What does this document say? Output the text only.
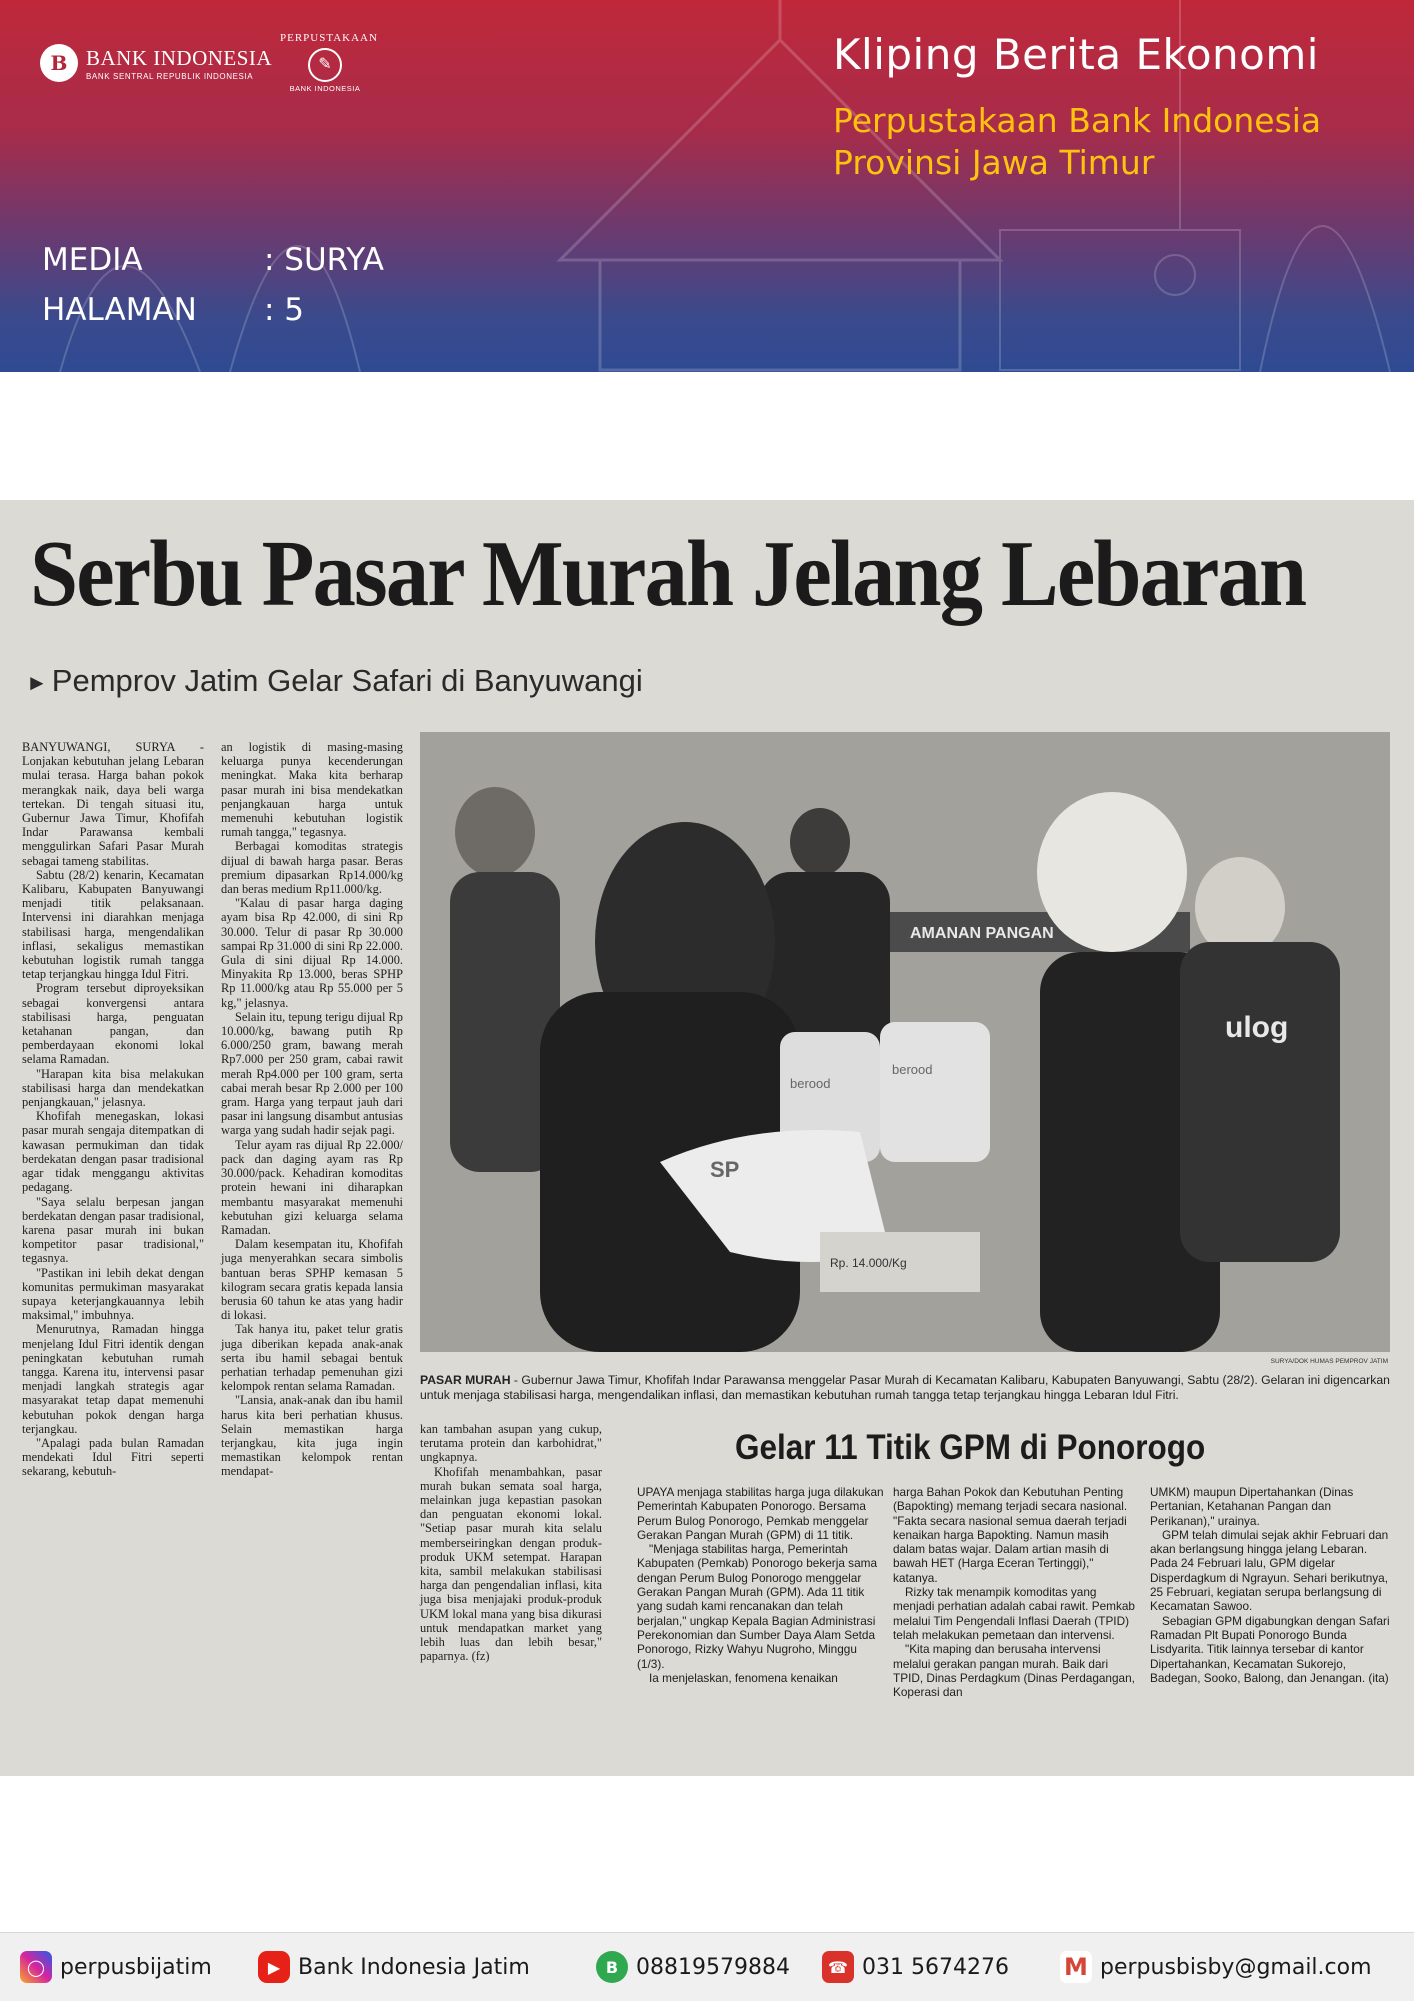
B BANK INDONESIA
BANK SENTRAL REPUBLIK INDONESIA
PERPUSTAKAAN
✎
BANK INDONESIA
Kliping Berita Ekonomi
Perpustakaan Bank Indonesia
Provinsi Jawa Timur
MEDIA	: SURYA
HALAMAN : 5
Serbu Pasar Murah Jelang Lebaran
► Pemprov Jatim Gelar Safari di Banyuwangi

BANYUWANGI, SURYA - Lonjakan kebutuhan jelang Lebaran mulai terasa. Harga bahan pokok merangkak naik, daya beli warga tertekan. Di tengah situasi itu, Gubernur Jawa Timur, Khofifah Indar Parawansa kembali menggulirkan Safari Pasar Murah sebagai tameng stabilitas.

Sabtu (28/2) kenarin, Kecamatan Kalibaru, Kabupaten Banyuwangi menjadi titik pelaksanaan. Intervensi ini diarahkan menjaga stabilisasi harga, mengendalikan inflasi, sekaligus memastikan kebutuhan logistik rumah tangga tetap terjangkau hingga Idul Fitri.

Program tersebut diproyeksikan sebagai konvergensi antara stabilisasi harga, penguatan ketahanan pangan, dan pemberdayaan ekonomi lokal selama Ramadan.

"Harapan kita bisa melakukan stabilisasi harga dan mendekatkan penjangkauan," jelasnya.

Khofifah menegaskan, lokasi pasar murah sengaja ditempatkan di kawasan permukiman dan tidak berdekatan dengan pasar tradisional agar tidak menggangu aktivitas pedagang.

"Saya selalu berpesan jangan berdekatan dengan pasar tradisional, karena pasar murah ini bukan kompetitor pasar tradisional," tegasnya.

"Pastikan ini lebih dekat dengan komunitas permukiman masyarakat supaya keterjangkauannya lebih maksimal," imbuhnya.

Menurutnya, Ramadan hingga menjelang Idul Fitri identik dengan peningkatan kebutuhan rumah tangga. Karena itu, intervensi pasar menjadi langkah strategis agar masyarakat tetap dapat memenuhi kebutuhan pokok dengan harga terjangkau.

"Apalagi pada bulan Ramadan mendekati Idul Fitri seperti sekarang, kebutuh-

an logistik di masing-masing keluarga punya kecenderungan meningkat. Maka kita berharap pasar murah ini bisa mendekatkan penjangkauan harga untuk memenuhi kebutuhan logistik rumah tangga," tegasnya.

Berbagai komoditas strategis dijual di bawah harga pasar. Beras premium dipasarkan Rp14.000/kg dan beras medium Rp11.000/kg.

"Kalau di pasar harga daging ayam bisa Rp 42.000, di sini Rp 30.000. Telur di pasar Rp 30.000 sampai Rp 31.000 di sini Rp 22.000. Gula di sini dijual Rp 14.000. Minyakita Rp 13.000, beras SPHP Rp 11.000/kg atau Rp 55.000 per 5 kg," jelasnya.

Selain itu, tepung terigu dijual Rp 10.000/kg, bawang putih Rp 6.000/250 gram, bawang merah Rp7.000 per 250 gram, cabai rawit merah Rp4.000 per 100 gram, serta cabai merah besar Rp 2.000 per 100 gram. Harga yang terpaut jauh dari pasar ini langsung disambut antusias warga yang sudah hadir sejak pagi.

Telur ayam ras dijual Rp 22.000/ pack dan daging ayam ras Rp 30.000/pack. Kehadiran komoditas protein hewani ini diharapkan membantu masyarakat memenuhi kebutuhan gizi keluarga selama Ramadan.

Dalam kesempatan itu, Khofifah juga menyerahkan secara simbolis bantuan beras SPHP kemasan 5 kilogram secara gratis kepada lansia berusia 60 tahun ke atas yang hadir di lokasi.

Tak hanya itu, paket telur gratis juga diberikan kepada anak-anak serta ibu hamil sebagai bentuk perhatian terhadap pemenuhan gizi kelompok rentan selama Ramadan.

"Lansia, anak-anak dan ibu hamil harus kita beri perhatian khusus. Selain memastikan harga terjangkau, kita juga ingin memastikan kelompok rentan mendapat-

AMANAN PANGAN
ulog
berood
berood
SP
Rp. 14.000/Kg
SURYA/DOK HUMAS PEMPROV JATIM
PASAR MURAH - Gubernur Jawa Timur, Khofifah Indar Parawansa menggelar Pasar Murah di Kecamatan Kalibaru, Kabupaten Banyuwangi, Sabtu (28/2). Gelaran ini digencarkan untuk menjaga stabilisasi harga, mengendalikan inflasi, dan memastikan kebutuhan rumah tangga tetap terjangkau hingga Lebaran Idul Fitri.

kan tambahan asupan yang cukup, terutama protein dan karbohidrat," ungkapnya.

Khofifah menambahkan, pasar murah bukan semata soal harga, melainkan juga kepastian pasokan dan penguatan ekonomi lokal. "Setiap pasar murah kita selalu memberseiringkan dengan produk-produk UKM setempat. Harapan kita, sambil melakukan stabilisasi harga dan pengendalian inflasi, kita juga bisa menjajaki produk-produk UKM lokal mana yang bisa dikurasi untuk mendapatkan market yang lebih luas dan lebih besar," paparnya. (fz)

Gelar 11 Titik GPM di Ponorogo

UPAYA menjaga stabilitas harga juga dilakukan Pemerintah Kabupaten Ponorogo. Bersama Perum Bulog Ponorogo, Pemkab menggelar Gerakan Pangan Murah (GPM) di 11 titik.

"Menjaga stabilitas harga, Pemerintah Kabupaten (Pemkab) Ponorogo bekerja sama dengan Perum Bulog Ponorogo menggelar Gerakan Pangan Murah (GPM). Ada 11 titik yang sudah kami rencanakan dan telah berjalan," ungkap Kepala Bagian Administrasi Perekonomian dan Sumber Daya Alam Setda Ponorogo, Rizky Wahyu Nugroho, Minggu (1/3).

Ia menjelaskan, fenomena kenaikan

harga Bahan Pokok dan Kebutuhan Penting (Bapokting) memang terjadi secara nasional. "Fakta secara nasional semua daerah terjadi kenaikan harga Bapokting. Namun masih dalam batas wajar. Dalam artian masih di bawah HET (Harga Eceran Tertinggi)," katanya.

Rizky tak menampik komoditas yang menjadi perhatian adalah cabai rawit. Pemkab melalui Tim Pengendali Inflasi Daerah (TPID) telah melakukan pemetaan dan intervensi.

"Kita maping dan berusaha intervensi melalui gerakan pangan murah. Baik dari TPID, Dinas Perdagkum (Dinas Perdagangan, Koperasi dan

UMKM) maupun Dipertahankan (Dinas Pertanian, Ketahanan Pangan dan Perikanan)," urainya.

GPM telah dimulai sejak akhir Februari dan akan berlangsung hingga jelang Lebaran. Pada 24 Februari lalu, GPM digelar Disperdagkum di Ngrayun. Sehari berikutnya, 25 Februari, kegiatan serupa berlangsung di Kecamatan Sawoo.

Sebagian GPM digabungkan dengan Safari Ramadan Plt Bupati Ponorogo Bunda Lisdyarita. Titik lainnya tersebar di kantor Dipertahankan, Kecamatan Sukorejo, Badegan, Sooko, Balong, dan Jenangan. (ita)

◯ perpusbijatim	▶ Bank Indonesia Jatim	B 08819579884	☎ 031 5674276 M perpusbisby@gmail.com
